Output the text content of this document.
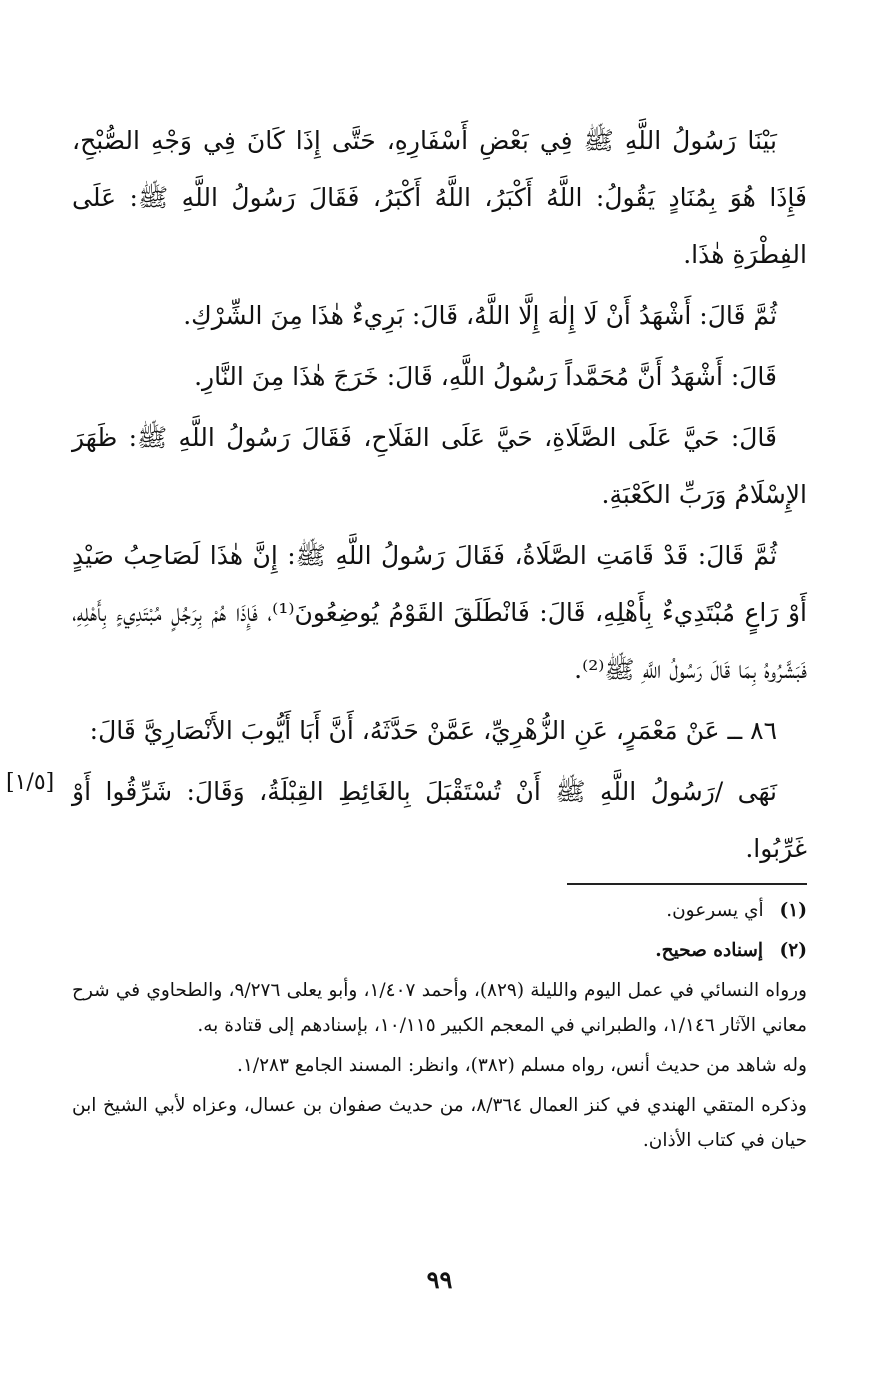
بَيْنَا رَسُولُ اللَّهِ ﷺ فِي بَعْضِ أَسْفَارِهِ، حَتَّى إِذَا كَانَ فِي وَجْهِ الصُّبْحِ، فَإِذَا هُوَ بِمُنَادٍ يَقُولُ: اللَّهُ أَكْبَرُ، اللَّهُ أَكْبَرُ، فَقَالَ رَسُولُ اللَّهِ ﷺ: عَلَى الفِطْرَةِ هٰذَا.

ثُمَّ قَالَ: أَشْهَدُ أَنْ لَا إِلٰهَ إِلَّا اللَّهُ، قَالَ: بَرِيءٌ هٰذَا مِنَ الشِّرْكِ.

قَالَ: أَشْهَدُ أَنَّ مُحَمَّداً رَسُولُ اللَّهِ، قَالَ: خَرَجَ هٰذَا مِنَ النَّارِ.

قَالَ: حَيَّ عَلَى الصَّلَاةِ، حَيَّ عَلَى الفَلَاحِ، فَقَالَ رَسُولُ اللَّهِ ﷺ: ظَهَرَ الإِسْلَامُ وَرَبِّ الكَعْبَةِ.

ثُمَّ قَالَ: قَدْ قَامَتِ الصَّلَاةُ، فَقَالَ رَسُولُ اللَّهِ ﷺ: إِنَّ هٰذَا لَصَاحِبُ صَيْدٍ أَوْ رَاعٍ مُبْتَدِيءٌ بِأَهْلِهِ، قَالَ: فَانْطَلَقَ القَوْمُ يُوضِعُونَ⁽¹⁾، فَإِذَا هُمْ بِرَجُلٍ مُبْتَدِيءٍ بِأَهْلِهِ، فَبَشَّرُوهُ بِمَا قَالَ رَسُولُ اللَّهِ ﷺ⁽²⁾.

٨٦ ــ عَنْ مَعْمَرٍ، عَنِ الزُّهْرِيِّ، عَمَّنْ حَدَّثَهُ، أَنَّ أَبَا أَيُّوبَ الأَنْصَارِيَّ قَالَ:

نَهَى /رَسُولُ اللَّهِ ﷺ أَنْ تُسْتَقْبَلَ بِالغَائِطِ القِبْلَةُ، وَقَالَ: شَرِّقُوا أَوْ غَرِّبُوا.

[١/٥]

(١) أي يسرعون.

(٢) إسناده صحيح.

ورواه النسائي في عمل اليوم والليلة (٨٢٩)، وأحمد ١/٤٠٧، وأبو يعلى ٩/٢٧٦، والطحاوي في شرح معاني الآثار ١/١٤٦، والطبراني في المعجم الكبير ١٠/١١٥، بإسنادهم إلى قتادة به.

وله شاهد من حديث أنس، رواه مسلم (٣٨٢)، وانظر: المسند الجامع ١/٢٨٣.

وذكره المتقي الهندي في كنز العمال ٨/٣٦٤، من حديث صفوان بن عسال، وعزاه لأبي الشيخ ابن حيان في كتاب الأذان.

٩٩
